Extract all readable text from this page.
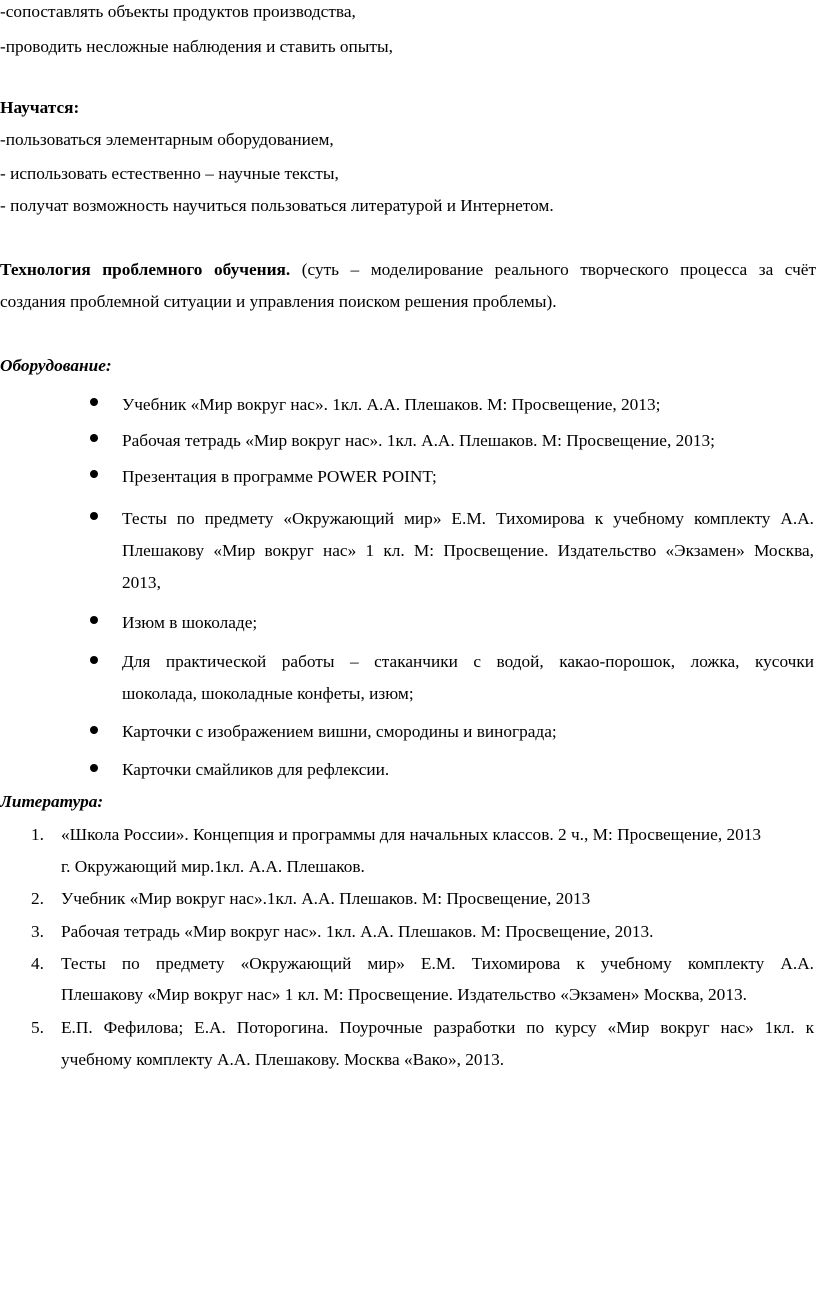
-сопоставлять объекты продуктов производства,
-проводить несложные наблюдения и ставить опыты,
Научатся:
-пользоваться элементарным оборудованием,
- использовать естественно – научные тексты,
- получат возможность научиться пользоваться литературой и Интернетом.
Технология проблемного обучения. (суть – моделирование реального творческого процесса за счёт
создания проблемной ситуации и управления поиском решения проблемы).
Оборудование:
Учебник «Мир вокруг нас». 1кл. А.А. Плешаков. М: Просвещение, 2013;
Рабочая тетрадь «Мир вокруг нас». 1кл. А.А. Плешаков. М: Просвещение, 2013;
Презентация в программе POWER POINT;
Тесты по предмету «Окружающий мир» Е.М. Тихомирова к учебному комплекту А.А.
Плешакову «Мир вокруг нас» 1 кл. М: Просвещение. Издательство «Экзамен» Москва,
2013,
Изюм в шоколаде;
Для практической работы – стаканчики с водой, какао-порошок, ложка, кусочки
шоколада, шоколадные конфеты, изюм;
Карточки с изображением вишни, смородины и винограда;
Карточки смайликов для рефлексии.
Литература:
1. «Школа России». Концепция и программы для начальных классов. 2 ч., М: Просвещение, 2013
г. Окружающий мир.1кл. А.А. Плешаков.
2. Учебник «Мир вокруг нас».1кл. А.А. Плешаков. М: Просвещение, 2013
3. Рабочая тетрадь «Мир вокруг нас». 1кл. А.А. Плешаков. М: Просвещение, 2013.
4. Тесты по предмету «Окружающий мир» Е.М. Тихомирова к учебному комплекту А.А.
Плешакову «Мир вокруг нас» 1 кл. М: Просвещение. Издательство «Экзамен» Москва, 2013.
5. Е.П. Фефилова; Е.А. Поторогина. Поурочные разработки по курсу «Мир вокруг нас» 1кл. к
учебному комплекту А.А. Плешакову. Москва «Вако», 2013.
